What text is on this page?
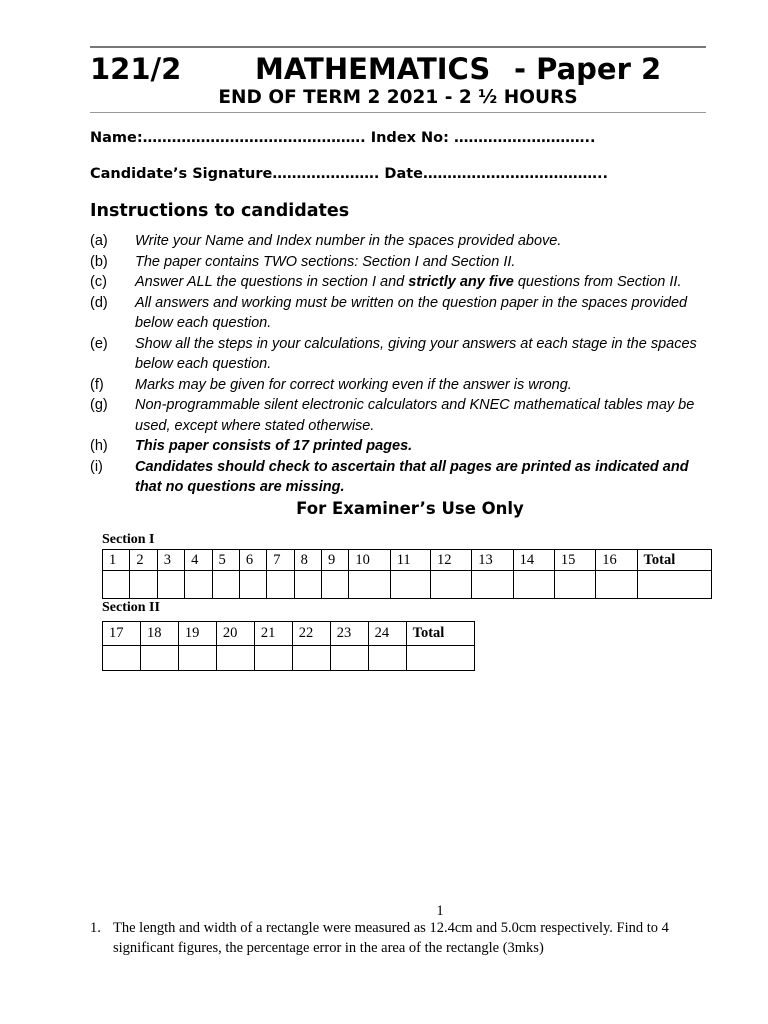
121/2	MATHEMATICS - Paper 2
END OF TERM 2 2021 - 2 ½ HOURS
Name:………………………………………. Index No: ………………………..
Candidate’s Signature…………………. Date………………………………..
Instructions to candidates
(a) Write your Name and Index number in the spaces provided above.
(b) The paper contains TWO sections: Section I and Section II.
(c) Answer ALL the questions in section I and strictly any five questions from Section II.
(d) All answers and working must be written on the question paper in the spaces provided below each question.
(e) Show all the steps in your calculations, giving your answers at each stage in the spaces below each question.
(f) Marks may be given for correct working even if the answer is wrong.
(g) Non-programmable silent electronic calculators and KNEC mathematical tables may be used, except where stated otherwise.
(h) This paper consists of 17 printed pages.
(i) Candidates should check to ascertain that all pages are printed as indicated and that no questions are missing.
For Examiner’s Use Only
Section I
1	2	3	4	5	6	7	8	9	10	11	12	13	14	15	16	Total

Section II
17	18	19	20	21	22	23	24	Total

1
1. The length and width of a rectangle were measured as 12.4cm and 5.0cm respectively. Find to 4 significant figures, the percentage error in the area of the rectangle (3mks)
